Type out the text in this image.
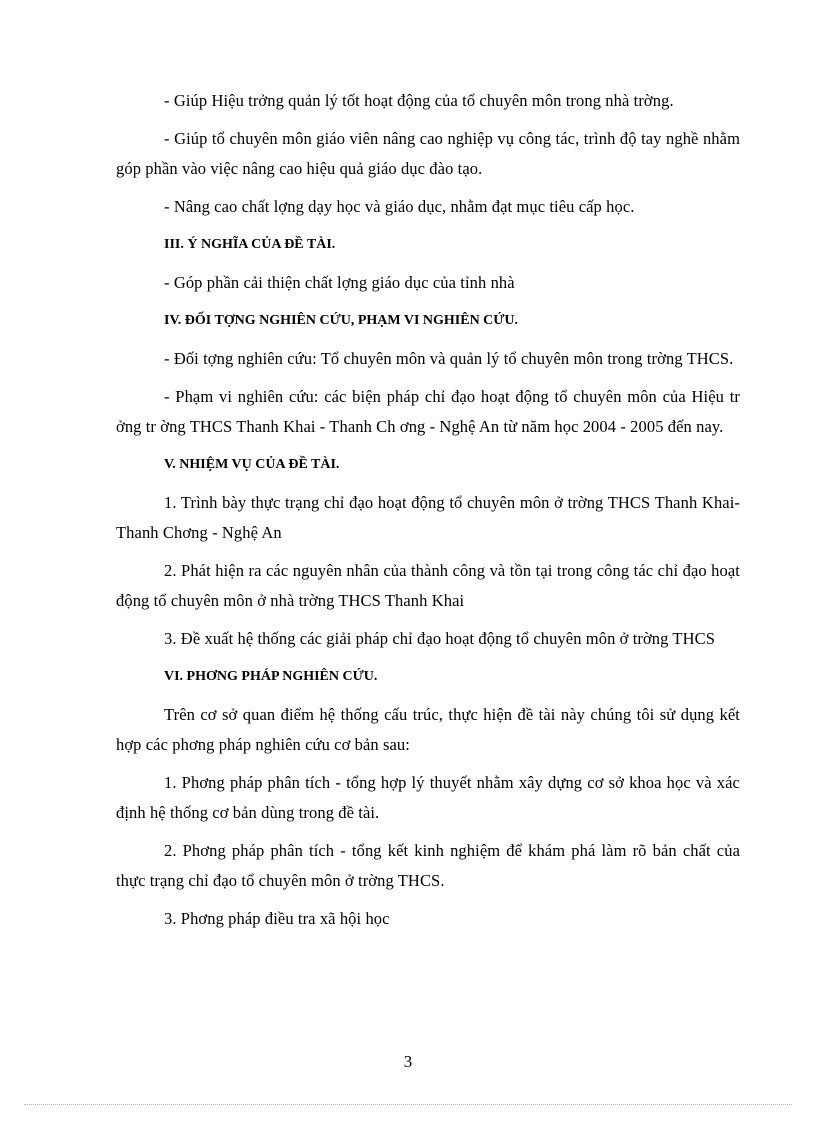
- Giúp Hiệu trởng quản lý tốt hoạt động của tổ chuyên môn trong nhà trờng.

- Giúp tổ chuyên môn giáo viên nâng cao nghiệp vụ công tác, trình độ tay nghề nhằm góp phần vào việc nâng cao hiệu quả giáo dục đào tạo.

- Nâng cao chất lợng dạy học và giáo dục, nhằm đạt mục tiêu cấp học.

III. Ý NGHĨA CỦA ĐỀ TÀI.

- Góp phần cải thiện chất lợng giáo dục của tỉnh nhà

IV. ĐỐI TỢNG NGHIÊN CỨU, PHẠM VI NGHIÊN CỨU.

- Đối tợng nghiên cứu: Tổ chuyên môn và quản lý tổ chuyên môn trong trờng THCS.

- Phạm vi nghiên cứu: các biện pháp chỉ đạo hoạt động tổ chuyên môn của Hiệu tr ởng tr ờng THCS Thanh Khai - Thanh Ch ơng - Nghệ An từ năm học 2004 - 2005 đến nay.

V. NHIỆM VỤ CỦA ĐỀ TÀI.

1. Trình bày thực trạng chỉ đạo hoạt động tổ chuyên môn ở trờng THCS Thanh Khai- Thanh Chơng - Nghệ An

2. Phát hiện ra các nguyên nhân của thành công và tồn tại trong công tác chỉ đạo hoạt động tổ chuyên môn ở nhà trờng THCS Thanh Khai

3. Đề xuất hệ thống các giải pháp chỉ đạo hoạt động tổ chuyên môn ở trờng THCS

VI. PHƠNG PHÁP NGHIÊN CỨU.

Trên cơ sở quan điểm hệ thống cấu trúc, thực hiện đề tài này chúng tôi sử dụng kết hợp các phơng pháp nghiên cứu cơ bản sau:

1. Phơng pháp phân tích - tổng hợp lý thuyết nhằm xây dựng cơ sở khoa học và xác định hệ thống cơ bản dùng trong đề tài.

2. Phơng pháp phân tích - tổng kết kinh nghiệm để khám phá làm rõ bản chất của thực trạng chỉ đạo tổ chuyên môn ở trờng THCS.

3. Phơng pháp điều tra xã hội học

3
